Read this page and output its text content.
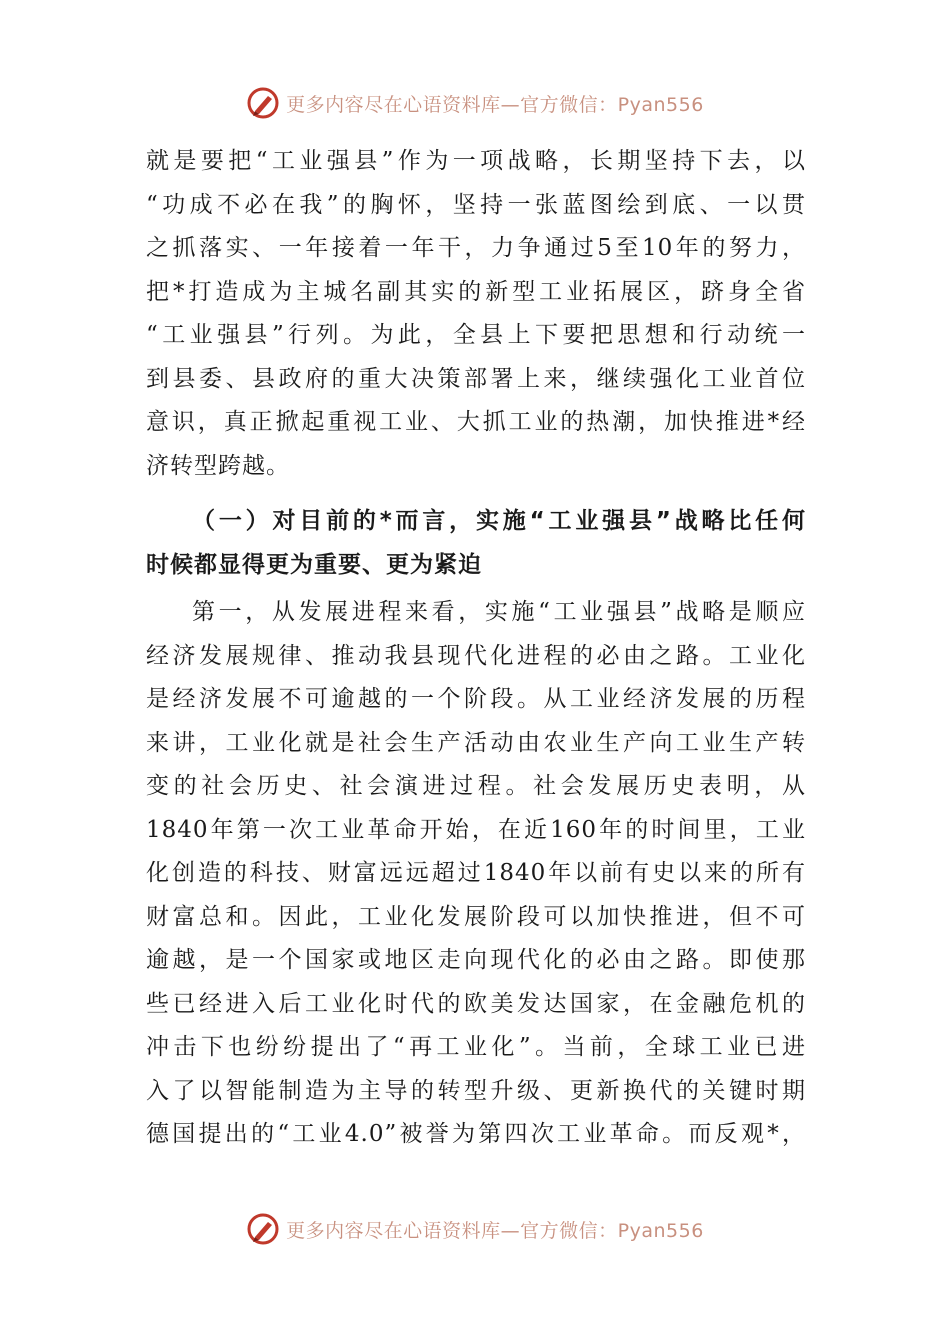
更多内容尽在心语资料库—官方微信：Pyan556
就是要把“工业强县”作为一项战略，长期坚持下去，以
“功成不必在我”的胸怀，坚持一张蓝图绘到底、一以贯
之抓落实、一年接着一年干，力争通过5至10年的努力，
把*打造成为主城名副其实的新型工业拓展区，跻身全省
“工业强县”行列。为此，全县上下要把思想和行动统一
到县委、县政府的重大决策部署上来，继续强化工业首位
意识，真正掀起重视工业、大抓工业的热潮，加快推进*经
济转型跨越。
（一）对目前的*而言，实施“工业强县”战略比任何
时候都显得更为重要、更为紧迫
第一，从发展进程来看，实施“工业强县”战略是顺应
经济发展规律、推动我县现代化进程的必由之路。工业化
是经济发展不可逾越的一个阶段。从工业经济发展的历程
来讲，工业化就是社会生产活动由农业生产向工业生产转
变的社会历史、社会演进过程。社会发展历史表明，从
1840年第一次工业革命开始，在近160年的时间里，工业
化创造的科技、财富远远超过1840年以前有史以来的所有
财富总和。因此，工业化发展阶段可以加快推进，但不可
逾越，是一个国家或地区走向现代化的必由之路。即使那
些已经进入后工业化时代的欧美发达国家，在金融危机的
冲击下也纷纷提出了“再工业化”。当前，全球工业已进
入了以智能制造为主导的转型升级、更新换代的关键时期
德国提出的“工业4.0”被誉为第四次工业革命。而反观*，
更多内容尽在心语资料库—官方微信：Pyan556
